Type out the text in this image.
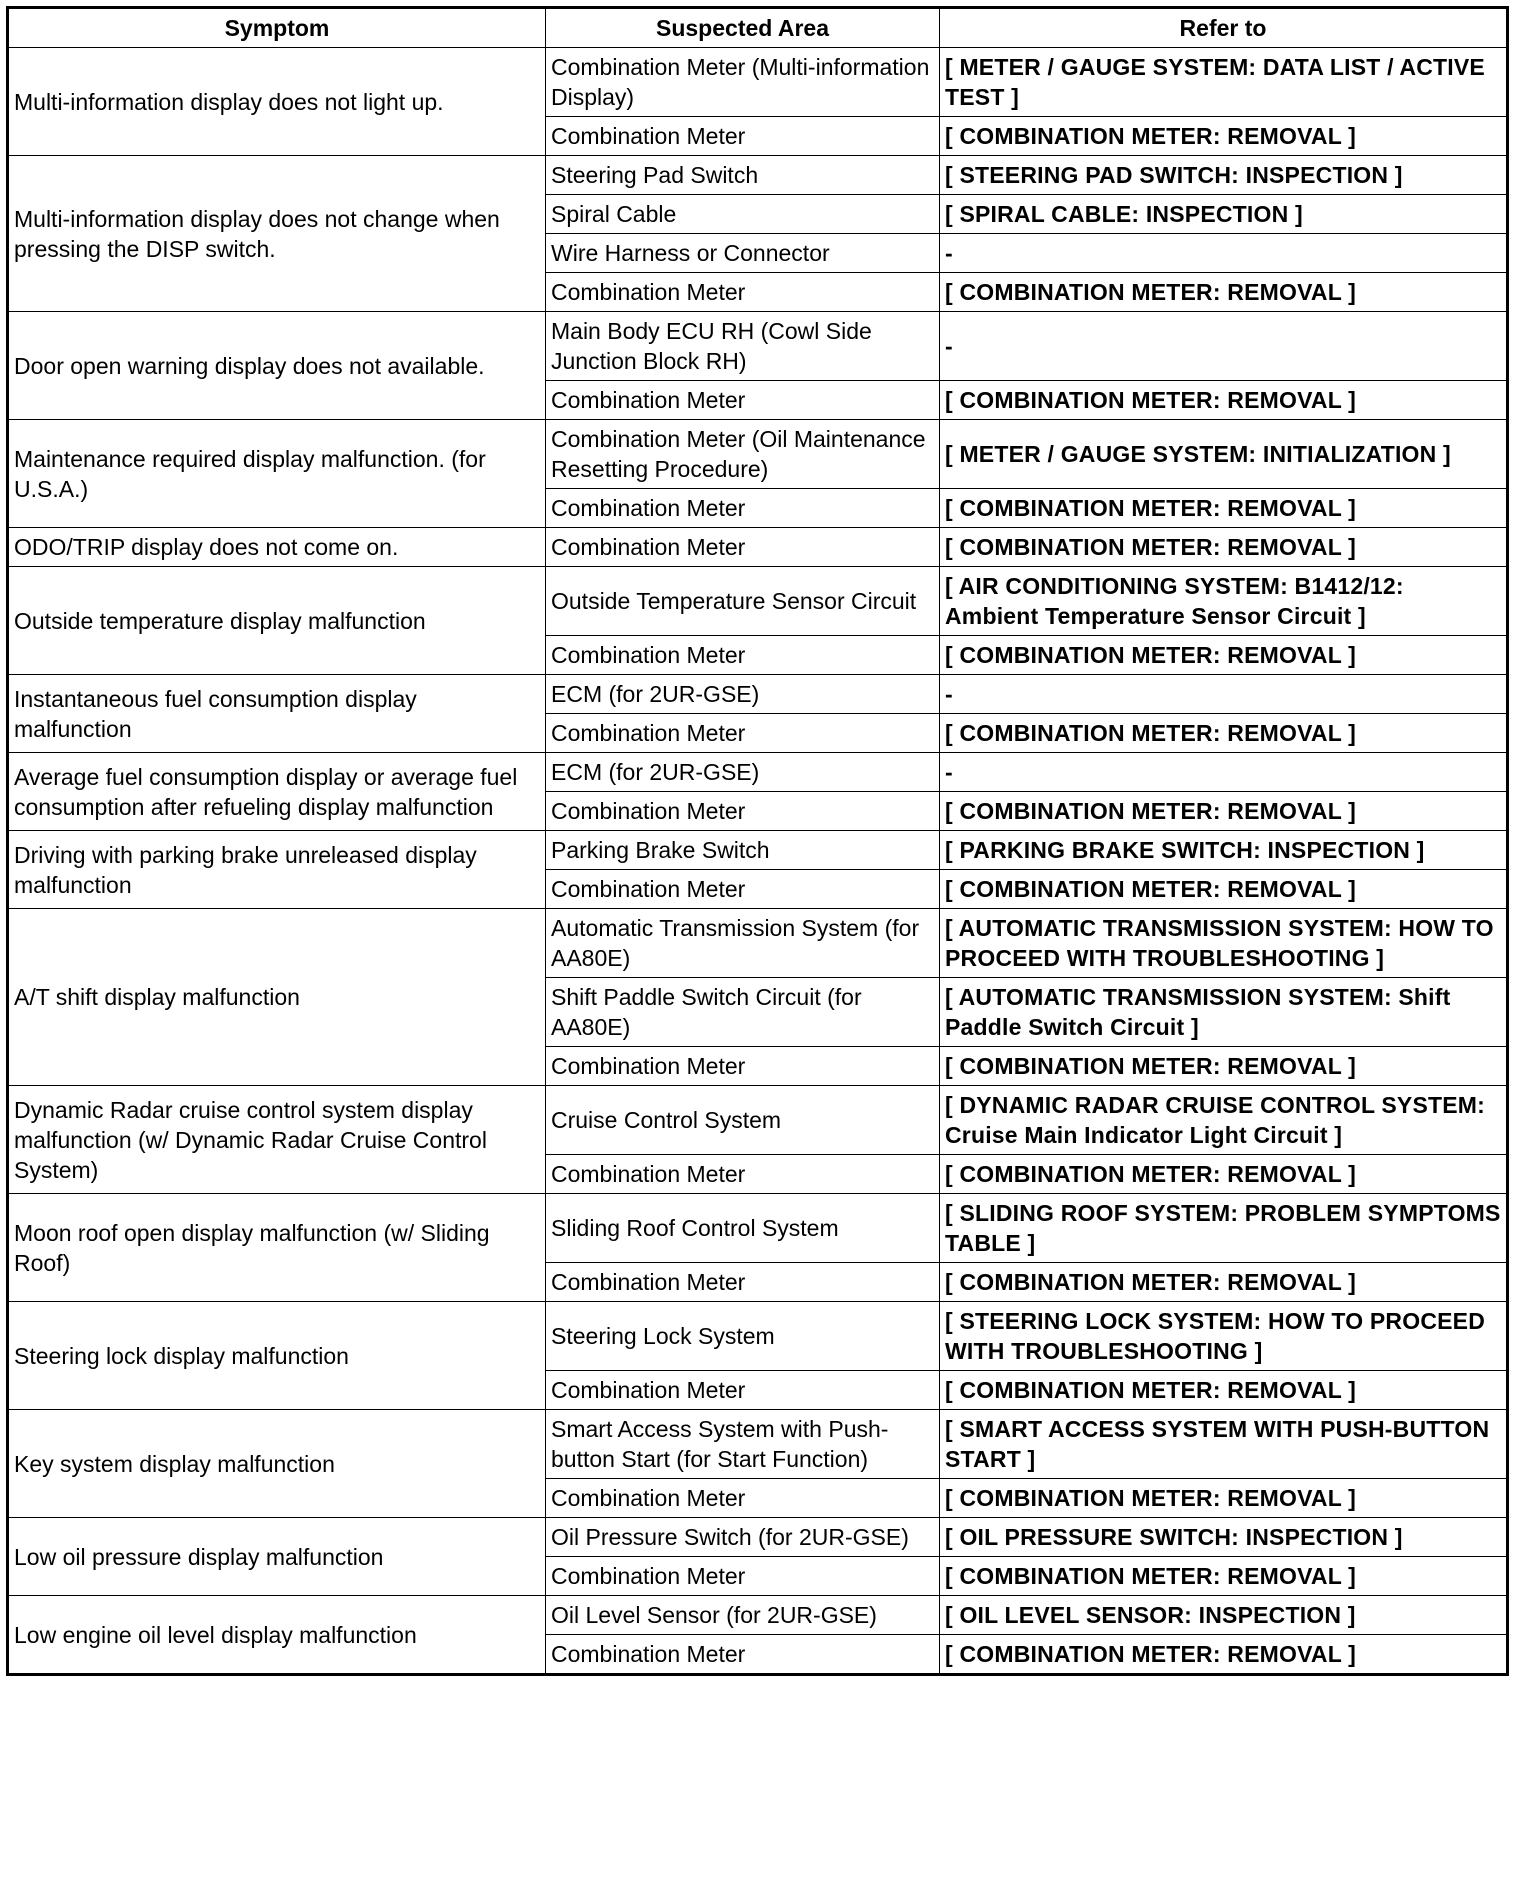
Symptom	Suspected Area	Refer to
Multi-information display does not light up.	Combination Meter (Multi-information Display)	[ METER / GAUGE SYSTEM: DATA LIST / ACTIVE TEST ]
	Combination Meter	[ COMBINATION METER: REMOVAL ]
Multi-information display does not change when pressing the DISP switch.	Steering Pad Switch	[ STEERING PAD SWITCH: INSPECTION ]
	Spiral Cable	[ SPIRAL CABLE: INSPECTION ]
	Wire Harness or Connector	-
	Combination Meter	[ COMBINATION METER: REMOVAL ]
Door open warning display does not available.	Main Body ECU RH (Cowl Side Junction Block RH)	-
	Combination Meter	[ COMBINATION METER: REMOVAL ]
Maintenance required display malfunction. (for U.S.A.)	Combination Meter (Oil Maintenance Resetting Procedure)	[ METER / GAUGE SYSTEM: INITIALIZATION ]
	Combination Meter	[ COMBINATION METER: REMOVAL ]
ODO/TRIP display does not come on.	Combination Meter	[ COMBINATION METER: REMOVAL ]
Outside temperature display malfunction	Outside Temperature Sensor Circuit	[ AIR CONDITIONING SYSTEM: B1412/12: Ambient Temperature Sensor Circuit ]
	Combination Meter	[ COMBINATION METER: REMOVAL ]
Instantaneous fuel consumption display malfunction	ECM (for 2UR-GSE)	-
	Combination Meter	[ COMBINATION METER: REMOVAL ]
Average fuel consumption display or average fuel consumption after refueling display malfunction	ECM (for 2UR-GSE)	-
	Combination Meter	[ COMBINATION METER: REMOVAL ]
Driving with parking brake unreleased display malfunction	Parking Brake Switch	[ PARKING BRAKE SWITCH: INSPECTION ]
	Combination Meter	[ COMBINATION METER: REMOVAL ]
A/T shift display malfunction	Automatic Transmission System (for AA80E)	[ AUTOMATIC TRANSMISSION SYSTEM: HOW TO PROCEED WITH TROUBLESHOOTING ]
	Shift Paddle Switch Circuit (for AA80E)	[ AUTOMATIC TRANSMISSION SYSTEM: Shift Paddle Switch Circuit ]
	Combination Meter	[ COMBINATION METER: REMOVAL ]
Dynamic Radar cruise control system display malfunction (w/ Dynamic Radar Cruise Control System)	Cruise Control System	[ DYNAMIC RADAR CRUISE CONTROL SYSTEM: Cruise Main Indicator Light Circuit ]
	Combination Meter	[ COMBINATION METER: REMOVAL ]
Moon roof open display malfunction (w/ Sliding Roof)	Sliding Roof Control System	[ SLIDING ROOF SYSTEM: PROBLEM SYMPTOMS TABLE ]
	Combination Meter	[ COMBINATION METER: REMOVAL ]
Steering lock display malfunction	Steering Lock System	[ STEERING LOCK SYSTEM: HOW TO PROCEED WITH TROUBLESHOOTING ]
	Combination Meter	[ COMBINATION METER: REMOVAL ]
Key system display malfunction	Smart Access System with Push-button Start (for Start Function)	[ SMART ACCESS SYSTEM WITH PUSH-BUTTON START ]
	Combination Meter	[ COMBINATION METER: REMOVAL ]
Low oil pressure display malfunction	Oil Pressure Switch (for 2UR-GSE)	[ OIL PRESSURE SWITCH: INSPECTION ]
	Combination Meter	[ COMBINATION METER: REMOVAL ]
Low engine oil level display malfunction	Oil Level Sensor (for 2UR-GSE)	[ OIL LEVEL SENSOR: INSPECTION ]
	Combination Meter	[ COMBINATION METER: REMOVAL ]
